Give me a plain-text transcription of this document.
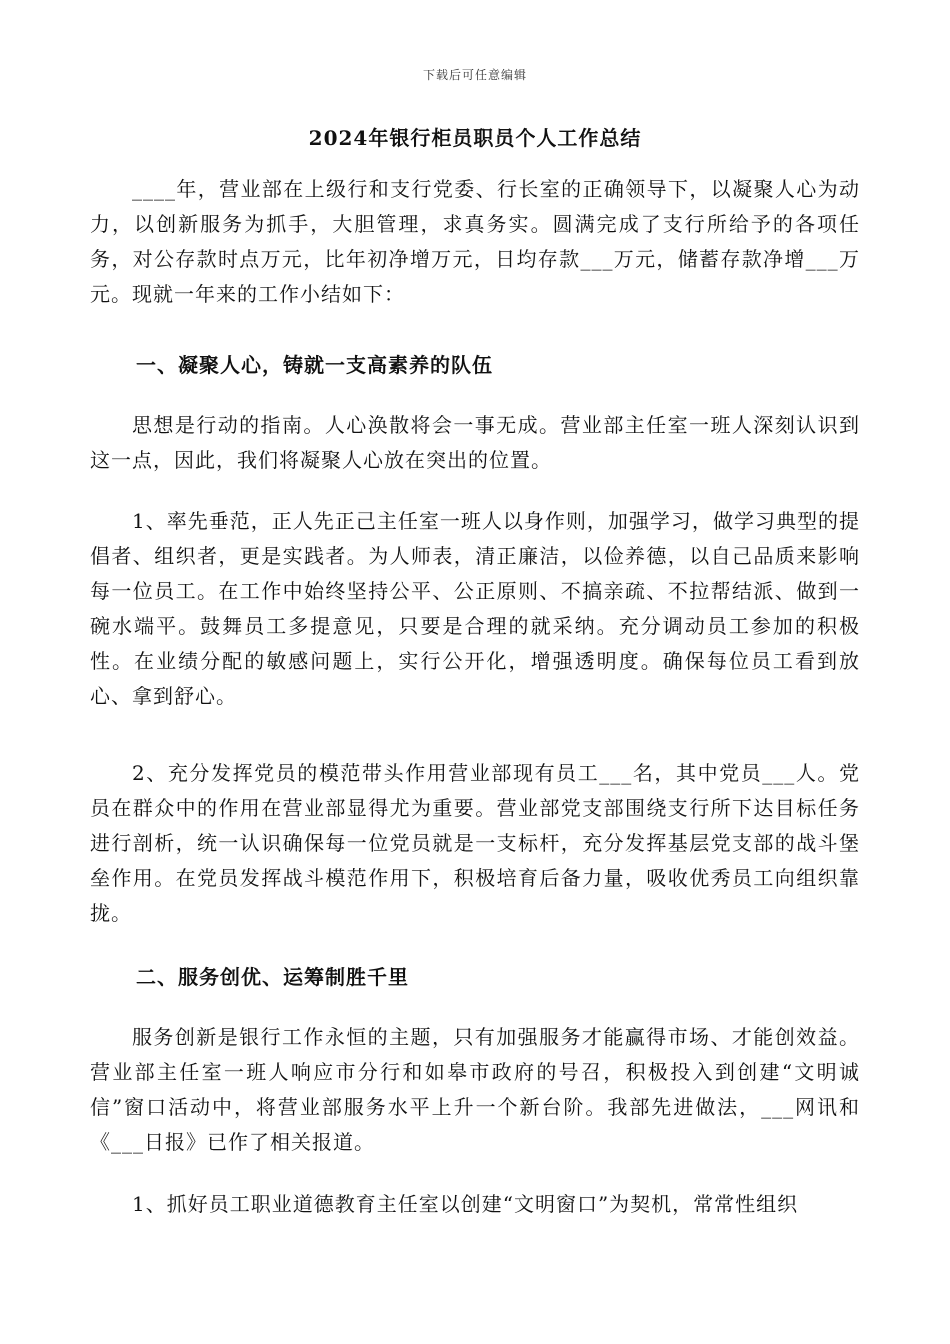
下载后可任意编辑
2024年银行柜员职员个人工作总结

____年，营业部在上级行和支行党委、行长室的正确领导下，以凝聚人心为动力，以创新服务为抓手，大胆管理，求真务实。圆满完成了支行所给予的各项任务，对公存款时点万元，比年初净增万元，日均存款___万元，储蓄存款净增___万元。现就一年来的工作小结如下：

一、凝聚人心，铸就一支高素养的队伍

思想是行动的指南。人心涣散将会一事无成。营业部主任室一班人深刻认识到这一点，因此，我们将凝聚人心放在突出的位置。

1、率先垂范，正人先正己主任室一班人以身作则，加强学习，做学习典型的提倡者、组织者，更是实践者。为人师表，清正廉洁，以俭养德，以自己品质来影响每一位员工。在工作中始终坚持公平、公正原则、不搞亲疏、不拉帮结派、做到一碗水端平。鼓舞员工多提意见，只要是合理的就采纳。充分调动员工参加的积极性。在业绩分配的敏感问题上，实行公开化，增强透明度。确保每位员工看到放心、拿到舒心。

2、充分发挥党员的模范带头作用营业部现有员工___名，其中党员___人。党员在群众中的作用在营业部显得尤为重要。营业部党支部围绕支行所下达目标任务进行剖析，统一认识确保每一位党员就是一支标杆，充分发挥基层党支部的战斗堡垒作用。在党员发挥战斗模范作用下，积极培育后备力量，吸收优秀员工向组织靠拢。

二、服务创优、运筹制胜千里

服务创新是银行工作永恒的主题，只有加强服务才能赢得市场、才能创效益。营业部主任室一班人响应市分行和如皋市政府的号召，积极投入到创建“文明诚信”窗口活动中，将营业部服务水平上升一个新台阶。我部先进做法，___网讯和《___日报》已作了相关报道。

1、抓好员工职业道德教育主任室以创建“文明窗口”为契机，常常性组织
